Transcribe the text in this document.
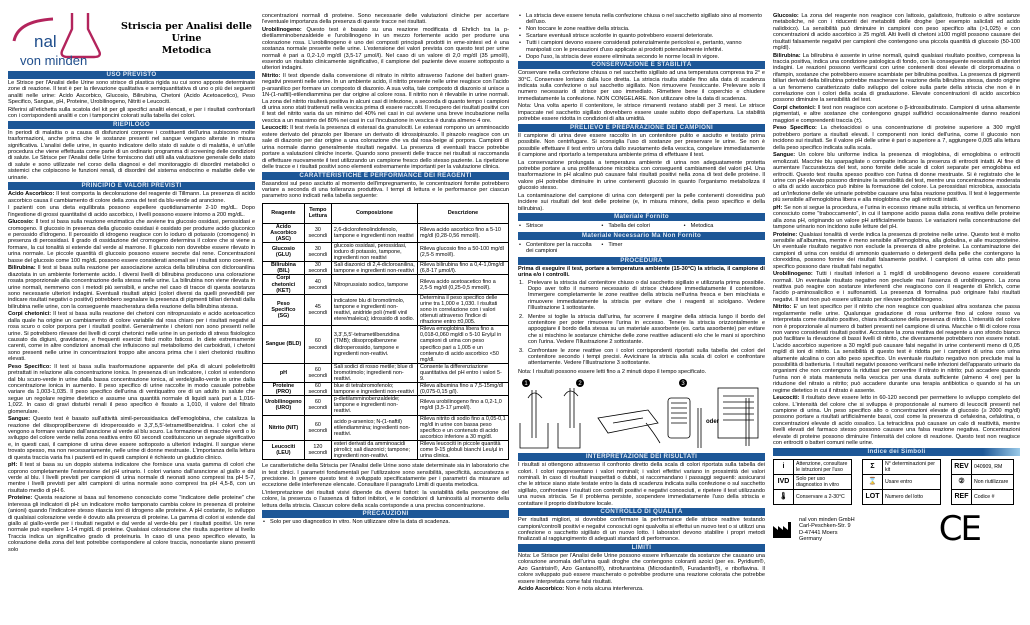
nal
von minden
Striscia per Analisi delle
Urine
Metodica
USO PREVISTO

Le Strisce per l'Analisi delle Urine sono strisce di plastica rigida su cui sono apposte determinate zone di reazione. Il test è per la rilevazione qualitativa e semiquantitativa di uno o più dei seguenti analiti nelle urine: Acido Ascorbico, Glucosio, Bilirubina, Chetoni (Acido Acetoacetico), Peso Specifico, Sangue, pH, Proteine, Urobilinogeno, Nitriti e Leucociti.

Riferirsi all'etichetta sulla scatola del kit per gli specifici analiti elencati, e per i risultati confrontarli con i corrispondenti analiti e con i tamponcini colorati sulla tabella dei colori.

RIEPILOGO

In periodi di malattia o a causa di disfunzioni corporee i costituenti dell'urina subiscono molte trasformazioni, anche prima che le sostanze presenti nel sangue vengano alterate in misura significativa. L'analisi delle urine, in quanto indicatore dello stato di salute o di malattia, è un'utile procedura che viene effettuata come parte di un ordinario programma di screening delle condizioni di salute. Le Strisce per l'Analisi delle Urine forniscono dati utili alla valutazione generale dello stato di salute e sono utilizzate nel corso della diagnosi e del monitoraggio di disordini metabolici o sistemici che colpiscono le funzioni renali, di disordini del sistema endocrino e malattie delle vie urinarie.

PRINCIPIO E VALORI PREVISTI

Acido Ascorbico: Il test comporta la decolorazione del reagente di Tillmann. La presenza di acido ascorbico causa il cambiamento di colore della zona del test da blu-verde ad arancione.

I pazienti con una dieta equilibrata possono espellere quotidianamente 2-10 mg/dL. Dopo l'ingestione di grossi quantitativi di acido ascorbico, i livelli possono essere intorno a 200 mg/dL.

Glucosio: Il test si basa sulla reazione enzimatica che avviene tra glucosio ossidasi, perossidasi e cromogeno. Il glucosio in presenza della glucosio ossidasi è ossidato per produrre acido gluconico e perossido d'idrogeno. Il perossido di idrogeno reagisce con lo ioduro di potassio (cromogeno) in presenza di perossidasi. Il grado di ossidazione del cromogeno determina il colore che si viene a formare, la cui tonalità si estende dal verde al marrone. Il glucosio non dovrebbe essere rilevato in urina normale. Le piccole quantità di glucosio possono essere secrete dal rene. Concentrazioni basse del glucosio come 100 mg/dL possono essere considerati anomali se i risultati sono coerenti.

Bilirubina: Il test si basa sulla reazione per associazione azoica della bilirubina con dicloroanilina diazotata in un ambiente fortemente acido. I diversi livelli di bilirubina producono una colorazione rosata proporzionale alla concentrazione della stessa nelle urine. La bilirubina non viene rilevata in urine normali, nemmeno con i metodi più sensibili, e anche nel caso di tracce di questa sostanza sono necessarie ulteriori indagini. Eventuali risultati atipici (colori diversi da quelli prevedibili per indicare risultati negativi o positivi) potrebbero segnalare la presenza di pigmenti biliari derivati dalla bilirubina nelle urine, con la conseguente mascheratura della reazione della bilirubina stessa.

Corpi chetonici: Il test si basa sulla reazione dei chetoni con nitroprussiato e acido acetoacetico dalla quale ha origine un cambiamento di colore variabile dal rosa chiaro per i risultati negativi al rosa scuro o color porpora per i risultati positivi. Generalmente i chetoni non sono presenti nelle urine. Si potrebbero rilevare dei livelli di corpi chetonici nelle urine in un periodo di stress fisiologico causato da digiuni, gravidanze, e frequenti esercizi fisici molto faticosi. In diete estremamente carenti, come in altre condizioni anomali che influiscono sul metabolismo dei carboidrati, i chetoni sono presenti nelle urine in concentrazioni troppo alte ancora prima che i sieri chetonici risultino elevati.

Peso Specifico: Il test si basa sulla trasformazione apparente del pKa di alcuni polielettroliti pretrattati in relazione alla concentrazione ionica. In presenza di un indicatore, i colori si estendono dal blu scuro-verde in urine dalla bassa concentrazione ionica, al verde/giallo-verde in urine dalla concentrazione ionica in aumento. Il peso specifico di urine raccolte in modo casuale potrebbe variare da 1,003-1,035. Il peso specifico dell'urina di ventiquattro ore di un adulto in salute che segue un regolare regime dietetico e assume una quantità normale di liquidi sarà pari a 1,016-1,022. In caso di gravi disturbi renali il peso specifico è fissato a 1,010, il valore del filtrato glomerulare.

Sangue: Questo test è basato sull'attività simil-perossidasica dell'emoglobina, che catalizza la reazione del diisopropilbenzene di idroperossido e 3,3',5,5'-tetrametilbenzidina. I colori che si vengono a formare variano dall'arancione al verde al blu scuro. La formazione di macchie verdi o lo sviluppo del colore verde nella zona reattiva entro 60 secondi costituiscono un segnale significativo e, in questi casi, il campione di urina deve essere sottoposto a ulteriori indagini. Il sangue viene trovato spesso, ma non necessariamente, nelle urine di donne mestruate. L'importanza della lettura di questa traccia varia fra i pazienti ed in questi campioni è richiesto un giudizio clinico.

pH: Il test si basa su un doppio sistema indicatore che fornisce una vasta gamma di colori che coprono completamente l'estensione del pH urinario. I colori variano dall'arancione al giallo e dal verde al blu. I livelli previsti per campioni di urina normale di neonati sono compresi tra pH 5-7, mentre i livelli previsti per altri campioni di urina normale sono compresi tra pH 4,5-8, con un risultato medio di pH 6.

Proteine: Questa reazione si basa sul fenomeno conosciuto come "indicatore delle proteine" che interessa gli indicatori di pH: un indicatore molto tamponato cambia colore in presenza di proteine (anioni) quando l'indicatore stesso rilascia ioni di idrogeno alle proteine. A pH costante, lo sviluppo di qualsiasi colorazione verde è dovuto alla presenza di proteine. La gamma di colori si estende dal giallo al giallo-verde per i risultati negativi e dal verde al verde-blu per i risultati positivi. Un rene normale può espellere 1-14 mg/dL di proteine. Qualsiasi colorazione che risulta superiore al livello Traccia indica un significativo grado di proteinuria. In caso di una peso specifico elevato, la colorazione della zona del test potrebbe corrispondere al colore traccia, nonostante siano presenti solo

concentrazioni normali di proteine. Sono necessarie delle valutazioni cliniche per accertare l'eventuale importanza della presenza di queste tracce nei risultati.

Urobilinogeno: Questo test è basato su una reazione modificata di Ehrlich tra la p-dietilamminobenzaldeide e l'urobilinogeno in un mezzo fortemente acido per produrre una colorazione rosa. L'urobilinogeno è uno dei composti principali prodotti in eme-sintesi ed è una sostanza normale presente nelle urine. L'estensione dei valori prevista con questo test per urine normali è pari a 0,2-1,0 mg/dl (3,5-17 µmol/l). Nel caso di un valore di 2,0 mg/dl (35 µmol/l), essendo un risultato clinicamente significativo, il campione del paziente deve essere sottoposto a ulteriori indagini.

Nitrito: Il test dipende dalla conversione di nitrato in nitrito attraverso l'azione dei batteri gram-negativi presenti nelle urine. In un ambiente acido, il nitrito presente nelle urine reagisce con l'acido p-arsanilico per formare un composto di diazonio. A sua volta, tale composto di diazonio si unisce a 1N-(1-naftil)-etilendiammina per dar origine al colore rosa. Il nitrito non è rilevabile in urine normali. La zona del nitrito risulterà positiva in alcuni casi di infezione, a seconda di quanto tempo i campioni di urina sono stati trattenuti nella vescica prima di essere raccolti. Il recupero dei risultati positivi con il test del nitrito varia da un minimo del 40% nei casi in cui avviene una breve incubazione nella vescica a un massimo del 80% nei casi in cui l'incubazione in vescica è durata almeno 4 ore.

Leucociti: Il test rivela la presenza di esterasi da granulociti. Le esterasi rompono un amminoacido estere derivato del pirazolo per liberare un derivato di idrossipirazolo. Il pirazolo reagisce con un sale di diazonio per dar origine a una colorazione che va dal rosa-beige al porpora. Campioni di urina normale danno generalmente risultati negativi. La presenza di eventuali tracce potrebbe portare a valutazioni cliniche incerte. Quando sono presenti delle tracce nei risultati si raccomanda di effettuare nuovamente il test utilizzando un campione fresco dello stesso paziente. La ripetizione delle tracce e i risultati positivi sono elementi estremamente importanti per la valutazione clinica.

CARATTERISTICHE E PERFORMANCE DEI REAGENTI

Basandosi sul peso asciutto al momento dell'impregnamento, le concentrazioni fornite potrebbero variare a seconda di una tolleranza produttiva. I tempi di lettura e le performance per ciascun parametro sono indicati nella tabella seguente:

Reagente	Tempo Lettura	Composizione	Descrizione
Acido Ascorbico (ASC)	30 secondi	2,6-diclorofenolindofenolo, tampone e ingredienti non reattivi	Rileva acido ascorbico fino a 5-10 mg/dl (0,28-0,56 mmol/l).
Glucosio (GLU)	30 secondi	glucosio ossidasi, perossidasi, ioduro di potassio, tampone, ingredienti non reattivi	Rileva glucosio fino a 50-100 mg/dl (2,5-5 mmol/l).
Bilirubina (BIL)	30 secondi	Sali diazonici di 2,4-dicloroanilina, tampone e ingredienti non-reattivi	Rileva bilirubina fino a 0,4-1,0mg/dl (6,8-17 µmol/l).
Corpi chetonici (KET)	40 secondi	Nitroprussiato sodico, tampone	Rileva acido acetoacetico fino a 2,5-5 mg/dl (0,25-0,5 mmol/l).
Peso Specifico (SG)	45 secondi	indicatore blu di bromotimolo, tampone e ingredienti non-reattivi, anidride poli (metil vinil etere/maleica); idrossido di sodio.	Determina il peso specifico delle urine tra 1,000 e 1,030. I risultati sono in correlazione con i valori ottenuti attraverso l'indice di rifrazione entro ±0,005.
Sangue (BLD)	60 secondi	3,3',5,5'-tetrametilbenzidina (TMB); diisopropilbenzene diidroperossido, tampone e ingredienti non-reattivi.	Rileva emoglobina libera fino a 0,018-0,060 mg/dl o 5-10 Ery/µl in campioni di urina con peso specifico pari a 1,005 e un contenuto di acido ascorbico <50 mg/dl.
pH	60 secondi	Sali sodici di rosso metile; blue di bromotimolo; ingredienti non-reattivi.	Consente la differenziazione quantitativa del pH entro i valori 5-9.
Proteine (PRO)	60 secondi	blue di tetrabromofenolo; tampone e ingredienti non-reattivi	Rileva albumina fino a 7,5-15mg/dl (0,075-0,15 g/l).
Urobilinogeno (URO)	60 secondi	p-dietilamminobenzaldeide; tampone e ingredienti non-reattivi.	Rileva urobilinogeno fino a 0,2-1,0 mg/dl (3,5-17 µmol/l).
Nitrito (NIT)	60 secondi	acido p-arsenico; N-(1-naftil) etilendiammina; ingredienti non-reattivi.	Rileva nitrito di sodio fino a 0,05-0,1 mg/dl in urine con bassa peso specifico e un contenuto di acido ascorbico inferiore a 30 mg/dl.
Leucociti (LEU)	120 secondi	esteri derivati da amminoacidi pirrolici; sali diazonici; tampone; ingredienti non-reattivi.	Rileva leucociti in piccole quantità come 9-15 globuli bianchi Leu/µl in urina clinica.

Le caratteristiche della Striscia per l'Analisi delle Urine sono state determinate sia in laboratorio che in test clinici. I parametri fondamentali per l'utilizzatore sono sensibilità, specificità, accuratezza e precisione. In genere questo test è sviluppato specificatamente per i parametri da misurare ad eccezione delle interferenze elencate. Consultare il paragrafo Limiti di questa metodica.

L'interpretazione dei risultati visivi dipende da diversi fattori: la variabilità della percezione del colore, la presenza o l'assenza di fattori inibitori, e le condizioni di luminosità al momento della lettura della striscia. Ciascun colore della scala corrisponde a una precisa concentrazione.

PRECAUZIONI
• Solo per uso diagnostico in vitro. Non utilizzare oltre la data di scadenza.
• La striscia deve essere tenuta nella confezione chiusa o nel sacchetto sigillato sino al momento dell'uso.
• Non toccare le zone reattive della striscia.
• Scartare eventuali strisce scolorite in quanto potrebbero essersi deteriorate.
• Tutti i campioni devono essere considerati potenzialmente pericolosi e, pertanto, vanno manipolati con le precauzioni d'uso applicate ai prodotti potenzialmente infettivi.
• Dopo l'uso, la striscia deve essere eliminata secondo le norme locali in vigore.
CONSERVAZIONE E STABILITÀ

Conservare nella confezione chiusa o nel sacchetto sigillato ad una temperatura compresa tra 2° e 30°C. Conservare lontano dalla luce diretta. La striscia risulta stabile fino alla data di scadenza indicata sulla confezione o sul sacchetto sigillato. Non rimuovere l'essiccante. Prelevare solo il numero necessario di strisce per uso immediato. Rimettere bene il coperchio e chiudere immediatamente la confezione. NON CONGELARE. Non utilizzare oltre la data di scadenza.

Nota: Una volta aperto il contenitore, le strisce rimanenti restano stabili per 3 mesi. Le strisce impaccate nel sacchetto sigillato dovrebbero essere usate subito dopo dell'apertura. La stabilità potrebbe essere ridotta in condizioni di alta umidità.

PRELIEVO E PREPARAZIONE DEI CAMPIONI

Il campione di urina deve essere raccolto in un contenitore pulito e asciutto e testato prima possibile. Non centrifugare. Si sconsiglia l'uso di sostanze per preservare le urine. Se non è possibile effettuare il test entro un'ora dallo svuotamento della vescica, congelare immediatamente il campione and riportarlo a temperatura ambiente prima di effettuare il test.

La conservazione prolungata a temperatura ambiente di urina non adeguatamente protetta potrebbe portare a una proliferazione microbica con conseguenti cambiamenti del valori pH. Una trasformazione in pH alcalino può causare falsi risultati positivi nella zona di test delle proteine. Il valore pH potrebbe diminuire in urine contenenti glucosio in quanto l'organismo metabolizza il glucosio stesso.

La contaminazione del campione di urina con detergenti per la pelle contenenti clorexidina può incidere sui risultati del test delle proteine (e, in misura minore, della peso specifico e della bilirubina).

Materiale Fornito
• Strisce	• Tabella dei colori	• Metodica
Materiale Necessario Ma Non Fornito
• Contenitore per la raccolta dei campioni
• Timer
PROCEDURA

Prima di eseguire il test, portare a temperatura ambiente (15-30°C) la striscia, il campione di urina e/o i controlli.

1. Prelevare la striscia dal contenitore chiuso o dal sacchetto sigillato e utilizzarla prima possibile. Dopo aver tolto il numero necessario di strisce chiudere immediatamente il contenitore. Immergere completamente le zone reattive della striscia nell'urina fresca e ben mischiata e rimuovere immediatamente la striscia per evitare che i reagenti si sciolgano. Vedere l'Illustrazione 1 sottostante.
2. Mentre si toglie la striscia dall'urina, far scorrere il margine della striscia lungo il bordo del contenitore per poter rimuovere l'urina in eccesso. Tenere la striscia orizzontalmente e appoggiare il bordo della stessa su un materiale assorbente (es. carta assorbente) per evitare che si mischino le sostanze chimiche delle zone reattive adiacenti e/o che le mani si sporchino con l'urina. Vedere l'Illustrazione 2 sottostante.
3. Confrontare le zone reattive con i colori corrispondenti riportati sulla tabella dei colori del contenitore secondo i tempi precisi. Avvicinare la striscia alla scala di colori e confrontare attentamente. Vedere l'Illustrazione 3 sottostante.

Nota: I risultati possono essere letti fino a 2 minuti dopo il tempo specificato.

1	2	3
oder
INTERPRETAZIONE DEI RISULTATI

I risultati si ottengono attraverso il confronto diretto della scala di colori riportata sulla tabella dei colori. I colori rappresentano i valori nominali; i valori effettivi variano in prossimità dei valori nominali. In caso di risultati inaspettati o dubbi, si raccomandano i passaggi seguenti: assicurarsi che le strisce siano state testate entro la data di scadenza indicata sulla confezione o sul sacchetto sigillato, confrontare i risultati con controlli positivi e negativi conosciuti, e ripetere il test utilizzando una nuova striscia. Se il problema persiste, sospendere immediatamente l'uso della striscia e contattare il proprio distributore locale.

CONTROLLO DI QUALITÀ

Per risultati migliori, si dovrebbe confermare la performance delle strisce reattive testando campioni/controlli positivi e negativi conosciuti ogni qualvolta si effettui un nuovo test o si utilizzi una confezione o sacchetto sigillato di un nuovo lotto. I laboratori devono stabilire i propri metodi finalizzati al raggiungimento di adeguati standard di performance.

LIMITI

Nota: Le Strisce per l'Analisi delle Urine possono essere influenzate da sostanze che causano una colorazione anomala dell'urina quali droghe che contengono coloranti azoici (per es. Pyridium®, Azo Gantrisin®, Azo Gantanol®), nitrofurantoina (Microdantin®, Furadantin®), e riboflavina. Il colore sviluppato può essere mascherato o potrebbe produrre una reazione colorata che potrebbe essere interpretata come falsi risultati.

Acido Ascorbico: Non è nota alcuna interferenza.

Glucosio: La zona del reagente non reagisce con lattosio, galattosio, fruttosio o altre sostanze metaboliche, né con i riducenti dei metaboliti delle droghe (per esempio salicilati ed acido nalidixico). La sensibilità può diminuire in campioni con peso specifico alta (>1,025) e con concentrazioni di acido ascorbico ≥ 25 mg/dl. Alti livelli di chetoni ≥100 mg/dl possono causare dei risultati falsamente negativi per campioni che contengono una piccola quantità di glucosio (50-100 mg/dl).

Bilirubina: La bilirubina è assente in urine normali, quindi qualsiasi risultato positivo, compresa la traccia positiva, indica una condizione patologica di fondo, con la conseguente necessità di ulteriori indagini. Le reazioni possono verificarsi con urine contenenti dosi elevate di clorpromazina o rifampin, sostanze che potrebbero essere scambiate per bilirubina positiva. La presenza di pigmenti biliari derivati della bilirubina potrebbe mascherare la reazione della bilirubina stessa, dando origine a un fenomeno caratterizzato dallo sviluppo del colore sulla parte della striscia che non è in correlazione con i colori della scala di graduazione. Elevate concentrazioni di acido ascorbico possono diminuire la sensibilità del test.

Corpi chetonici: Il test non reagisce con acetone o β-idrossibutirrato. Campioni di urina altamente pigmentati, e altre sostanze che contengono gruppi sulfidrici occasionalmente danno reazioni maggiori e comprendenti traccia (±).

Peso Specifico: La chetoacidosi o una concentrazione di proteine superiore a 300 mg/dl potrebbero portare a risultati elevati. I componenti non ionici dell'urina, come il glucosio non incidono sui risultati. Se il valore pH delle urine è pari o superiore a 7, aggiungere 0,005 alla lettura della peso specifico indicata sulla scala.

Sangue: Un colore blu uniforme indica la presenza di mioglobina, di emoglobina o eritrociti emolizzati. Macchie blu sparpagliate o compatte indicano la presenza di eritrociti intatti. Al fine di aumentare l'accuratezza del test, sono fornite delle scale di colori separate per emoglobina ed eritrociti. Questo test risulta spesso positivo con l'urina di donne mestruate. Si è registrato che le urine con pH elevato possono diminuire la sensibilità del test, mentre una concentrazione moderata o alta di acido ascorbico può inibire la formazione del colore. La perossidasi microbica, associata ad un'infezione delle vie urinarie potrebbe causare una falsa reazione positiva. Il test è leggermente più sensibile all'emoglobina libera e alla mioglobina che agli eritrociti intatti.

pH: Se non si segue la procedura, e l'urina in eccesso rimane sulla striscia, si verifica un fenomeno conosciuto come "traboccamento", in cui il tampone acido passa dalla zona reattiva delle proteine alla zona pH, originando un valore pH artificialmente basso. Le variazioni nella concentrazione del tampone urinario non incidono sulle letture del pH.

Proteine: Qualsiasi tonalità di verde indica la presenza di proteine nelle urine. Questo test è molto sensibile all'albumina, mentre è meno sensibile all'emoglobina, alla globulina, e alle mucoproteine. Un eventuale risultato negativo non esclude la presenza di altre proteine. La contaminazione dei campioni di urina con residui di ammonio quaternario o detergenti della pelle che contengono la clorexidina, possono fornire dei risultati falsamente positivi. I campioni di urina con alto peso specifico possono dare risultati falsi negativi.

Urobilinogeno: Tutti i risultati inferiori a 1 mg/dl di urobilinogeno devono essere considerati normali. Un eventuale risultato negativo non preclude mai l'assenza di urobilinogeno. La zona reattiva può reagire con sostanze interferenti che reagiscono con il reagente di Ehrlich, come l'acido p-aminosalicilico e i sulfonamidi. La presenza di formalina può originare falsi risultati negativi. Il test non può essere utilizzato per rilevare porfobilinogeno.

Nitrito: E' un test specifico per il nitrito che non reagisce con qualsiasi altra sostanza che passa regolarmente nelle urine. Qualunque gradazione di rosa uniforme fino al colore rosso va interpretata come risultato positivo, chiara indicazione della presenza di nitrito. L'intensità del colore non è proporzionale al numero di batteri presenti nel campione di urina. Macchie o fili di colore rosa non vanno considerati risultati positivi. Accostare la zona reattiva del reagente a uno sfondo bianco può facilitare la rilevazione di bassi livelli di nitrito, che diversamente potrebbero non essere notati. L'acido ascorbico superiore a 30 mg/dl può causare falsi negativi in urine contenenti meno di 0,05 mg/dl di ioni di nitrito. La sensibilità di questo test è ridotta per i campioni di urina con urina altamente alcalina o con alto peso specifico. Un eventuale risultato negativo non preclude mai la possibilità di batteriuria. I risultati negativi possono verificarsi nelle infezioni dell'apparato urinario da organismi che non contengono la riduttasi per convertire il nitrato in nitrito; può accadere quando l'urina non è stata mantenuta nella vescica per una durata sufficiente (almeno 4 ore) per la riduzione del nitrato a nitrito; può accadere durante una terapia antibiotica o quando si ha un regime dietetico in cui il nitrato è assente.

Leucociti: Il risultato deve essere letto in 60-120 secondi per permettere lo sviluppo completo del colore. L'intensità del colore che si sviluppa è proporzionale al numero di leucociti presenti nel campione di urina. Un peso specifico alto o concentrazioni elevate di glucosio (≥ 2000 mg/dl) possono portare a risultati artificialmente bassi, così come la presenza di cefalexina, cefalotina, o concentrazioni elevate di acido ossalico. La tetraciclina può causare un calo di reattività, mentre livelli elevati del farmaco stesso possono causare una falsa reazione negativa. Concentrazioni elevate di proteine possono diminuire l'intensità del colore di reazione. Questo test non reagisce con eritrociti o batteri comuni nelle urine.

Indice dei Simboli
i	Attenzione, consultare le istruzioni per l'uso
IVD	Solo per uso diagnostico in vitro
🌡	Conservare a 2-30°C
Σ	N° determinazioni per kit
⌛	Usare entro
LOT	Numero del lotto
REV	040909, RM
②	Non riutilizzare
REF	Codice #
nal von minden GmbH
Carl-Peschken-Str. 9
D-47441 Moers
Germany	CE
